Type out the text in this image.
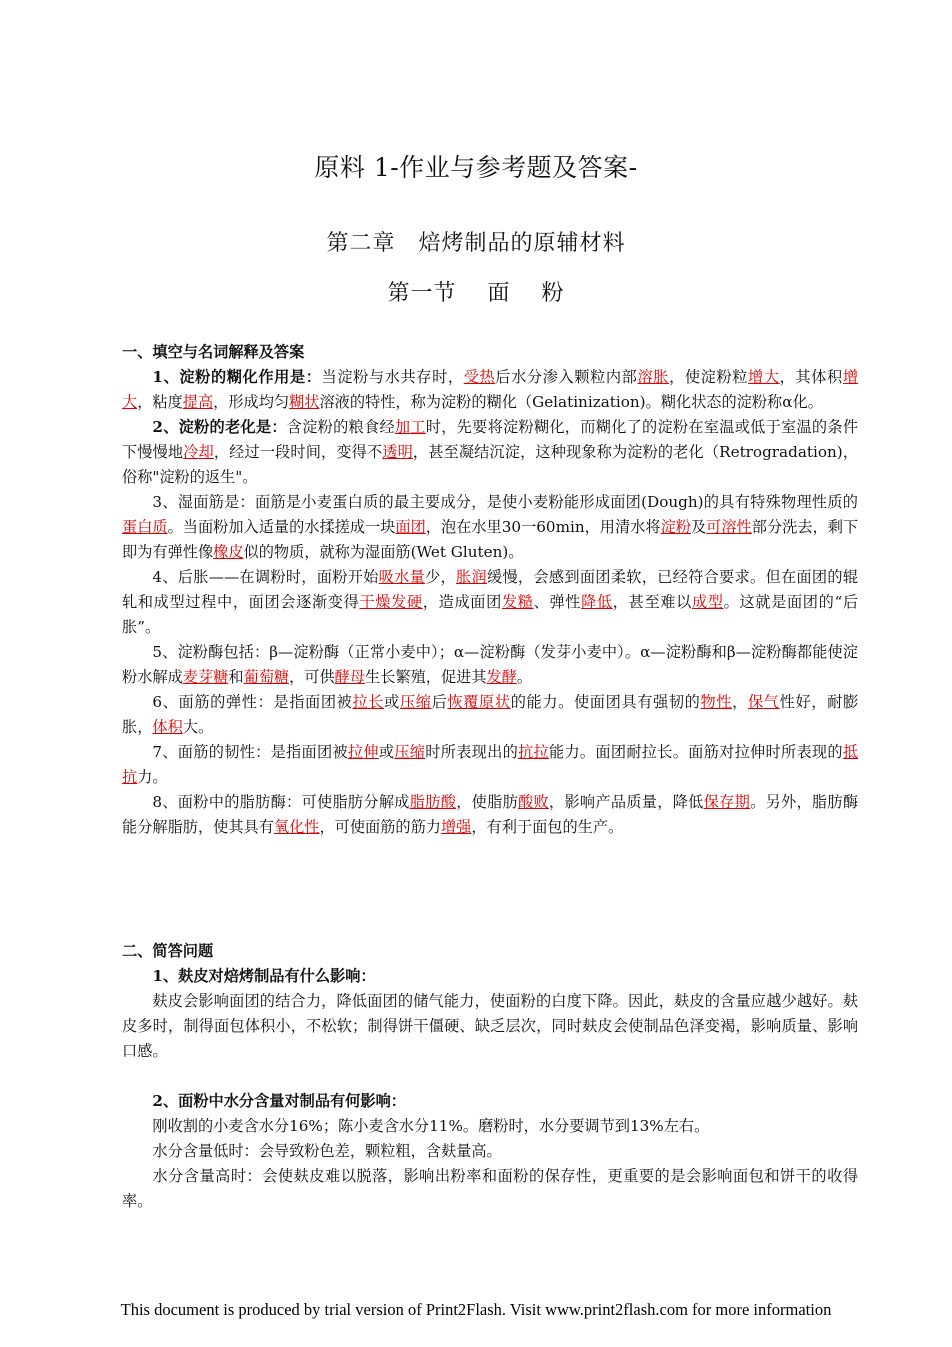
原料 1-作业与参考题及答案-
第二章　焙烤制品的原辅材料
第一节　 面　 粉
一、填空与名词解释及答案

1、淀粉的糊化作用是：当淀粉与水共存时，受热后水分渗入颗粒内部溶胀，使淀粉粒增大，其体积增大，粘度提高，形成均匀糊状溶液的特性，称为淀粉的糊化（Gelatinization)。糊化状态的淀粉称α化。

2、淀粉的老化是：含淀粉的粮食经加工时，先要将淀粉糊化，而糊化了的淀粉在室温或低于室温的条件下慢慢地冷却，经过一段时间，变得不透明，甚至凝结沉淀，这种现象称为淀粉的老化（Retrogradation)，俗称"淀粉的返生"。

3、湿面筋是：面筋是小麦蛋白质的最主要成分，是使小麦粉能形成面团(Dough)的具有特殊物理性质的蛋白质。当面粉加入适量的水揉搓成一块面团，泡在水里30一60min，用清水将淀粉及可溶性部分洗去，剩下即为有弹性像橡皮似的物质，就称为湿面筋(Wet Gluten)。

4、后胀——在调粉时，面粉开始吸水量少，胀润缓慢，会感到面团柔软，已经符合要求。但在面团的辊轧和成型过程中，面团会逐渐变得干燥发硬，造成面团发糙、弹性降低，甚至难以成型。这就是面团的“后胀”。

5、淀粉酶包括：β—淀粉酶（正常小麦中）；α—淀粉酶（发芽小麦中）。α—淀粉酶和β—淀粉酶都能使淀粉水解成麦芽糖和葡萄糖，可供酵母生长繁殖，促进其发酵。

6、面筋的弹性：是指面团被拉长或压缩后恢覆原状的能力。使面团具有强韧的物性，保气性好，耐膨胀，体积大。

7、面筋的韧性：是指面团被拉伸或压缩时所表现出的抗拉能力。面团耐拉长。面筋对拉伸时所表现的抵抗力。

8、面粉中的脂肪酶：可使脂肪分解成脂肪酸，使脂肪酸败，影响产品质量，降低保存期。另外，脂肪酶能分解脂肪，使其具有氧化性，可使面筋的筋力增强，有利于面包的生产。

二、简答问题

1、麸皮对焙烤制品有什么影响：

麸皮会影响面团的结合力，降低面团的储气能力，使面粉的白度下降。因此，麸皮的含量应越少越好。麸皮多时，制得面包体积小，不松软；制得饼干僵硬、缺乏层次，同时麸皮会使制品色泽变褐，影响质量、影响口感。

2、面粉中水分含量对制品有何影响：

刚收割的小麦含水分16%；陈小麦含水分11%。磨粉时，水分要调节到13%左右。

水分含量低时：会导致粉色差，颗粒粗，含麸量高。

水分含量高时：会使麸皮难以脱落，影响出粉率和面粉的保存性，更重要的是会影响面包和饼干的收得率。

This document is produced by trial version of Print2Flash. Visit www.print2flash.com for more information
